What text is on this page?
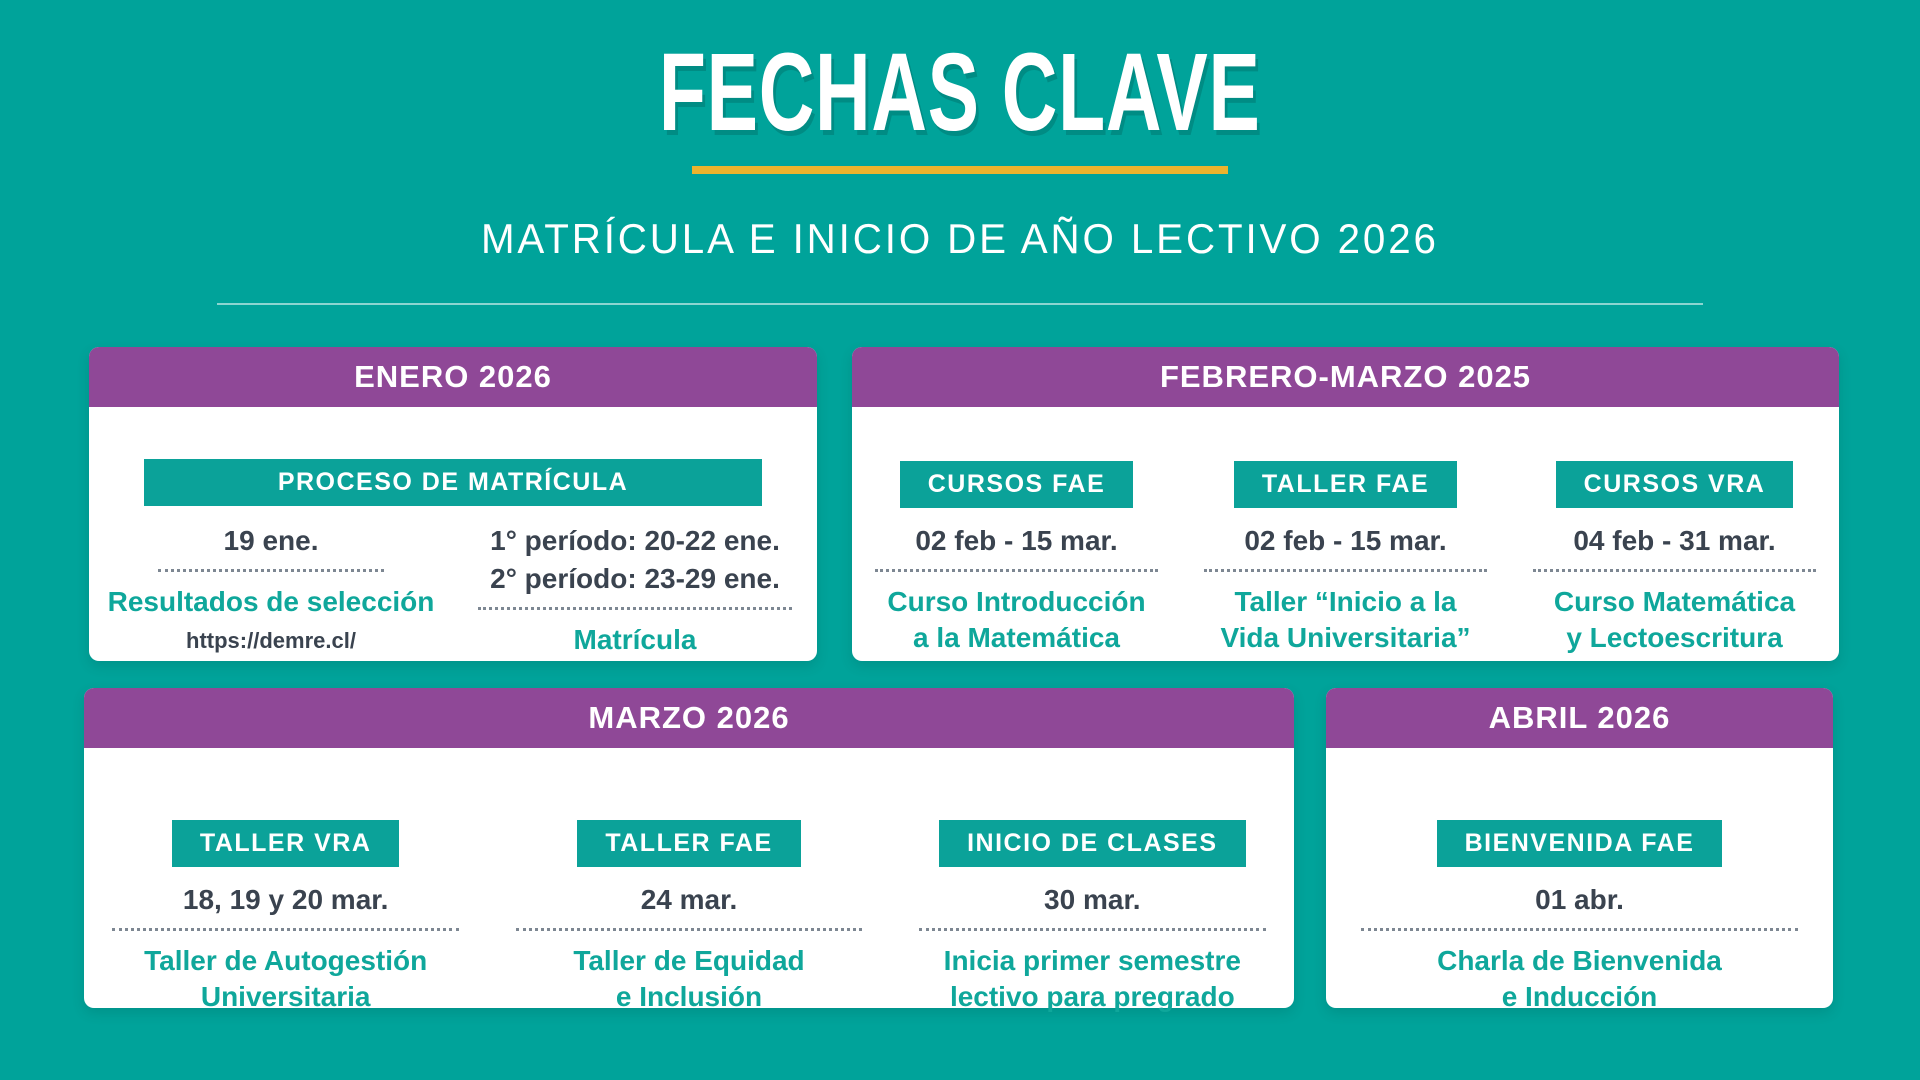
FECHAS CLAVE

MATRÍCULA E INICIO DE AÑO LECTIVO 2026
ENERO 2026
PROCESO DE MATRÍCULA
19 ene.
Resultados de selección
https://demre.cl/
1° período: 20-22 ene.
2° período: 23-29 ene.
Matrícula
FEBRERO-MARZO 2025
CURSOS FAE
02 feb - 15 mar.
Curso Introducción
a la Matemática
TALLER FAE
02 feb - 15 mar.
Taller “Inicio a la
Vida Universitaria”
CURSOS VRA
04 feb - 31 mar.
Curso Matemática
y Lectoescritura
MARZO 2026
TALLER VRA
18, 19 y 20 mar.
Taller de Autogestión
Universitaria
TALLER FAE
24 mar.
Taller de Equidad
e Inclusión
INICIO DE CLASES
30 mar.
Inicia primer semestre
lectivo para pregrado
ABRIL 2026
BIENVENIDA FAE
01 abr.
Charla de Bienvenida
e Inducción
